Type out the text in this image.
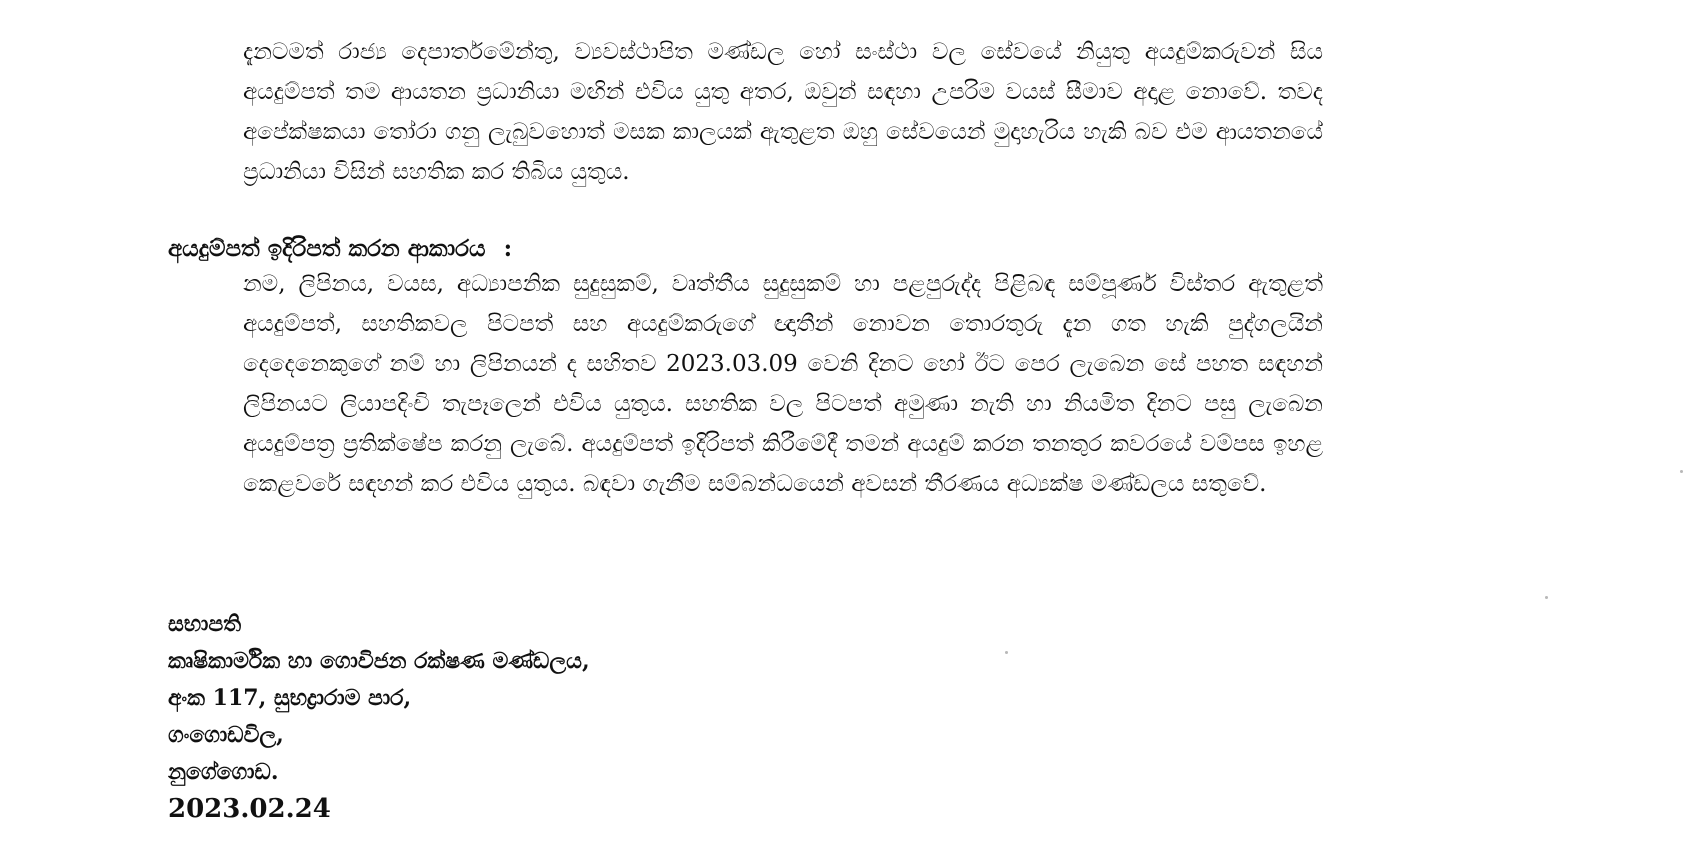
දැනටමත් රාජ්‍ය දෙපාර්තමේන්තු, ව්‍යවස්ථාපිත මණ්ඩල හෝ සංස්ථා වල සේවයේ නියුතු අයදුම්කරුවන් සිය අයදුම්පත් තම ආයතන ප්‍රධානියා මඟින් එවිය යුතු අතර, ඔවුන් සඳහා උපරිම වයස් සීමාව අදාළ නොවේ. තවද අපේක්ෂකයා තෝරා ගනු ලැබුවහොත් මසක කාලයක් ඇතුළත ඔහු සේවයෙන් මුදාහැරිය හැකි බව එම ආයතනයේ ප්‍රධානියා විසින් සහතික කර තිබිය යුතුය.

අයදුම්පත් ඉදිරිපත් කරන ආකාරය :

නම, ලිපිනය, වයස, අධ්‍යාපනික සුදුසුකම්, වෘත්තීය සුදුසුකම් හා පළපුරුද්ද පිළිබඳ සම්පූර්ණ විස්තර ඇතුළත් අයදුම්පත්, සහතිකවල පිටපත් සහ අයදුම්කරුගේ ඥාතීන් නොවන තොරතුරු දැන ගත හැකි පුද්ගලයින් දෙදෙනෙකුගේ නම් හා ලිපිනයන් ද සහිතව 2023.03.09 වෙනි දිනට හෝ ඊට පෙර ලැබෙන සේ පහත සඳහන් ලිපිනයට ලියාපදිංචි තැපෑලෙන් එවිය යුතුය. සහතික වල පිටපත් අමුණා නැති හා නියමිත දිනට පසු ලැබෙන අයදුම්පත්‍ර ප්‍රතික්ෂේප කරනු ලැබේ. අයදුම්පත් ඉදිරිපත් කිරීමේදී තමන් අයදුම් කරන තනතුර කවරයේ වම්පස ඉහළ කෙළවරේ සඳහන් කර එවිය යුතුය. බඳවා ගැනීම සම්බන්ධයෙන් අවසන් තීරණය අධ්‍යක්ෂ මණ්ඩලය සතුවේ.

සභාපති
කෘෂිකාර්මික හා ගොවිජන රක්ෂණ මණ්ඩලය,
අංක 117, සුභද්‍රාරාම පාර,
ගංගොඩවිල,
නුගේගොඩ.
2023.02.24
